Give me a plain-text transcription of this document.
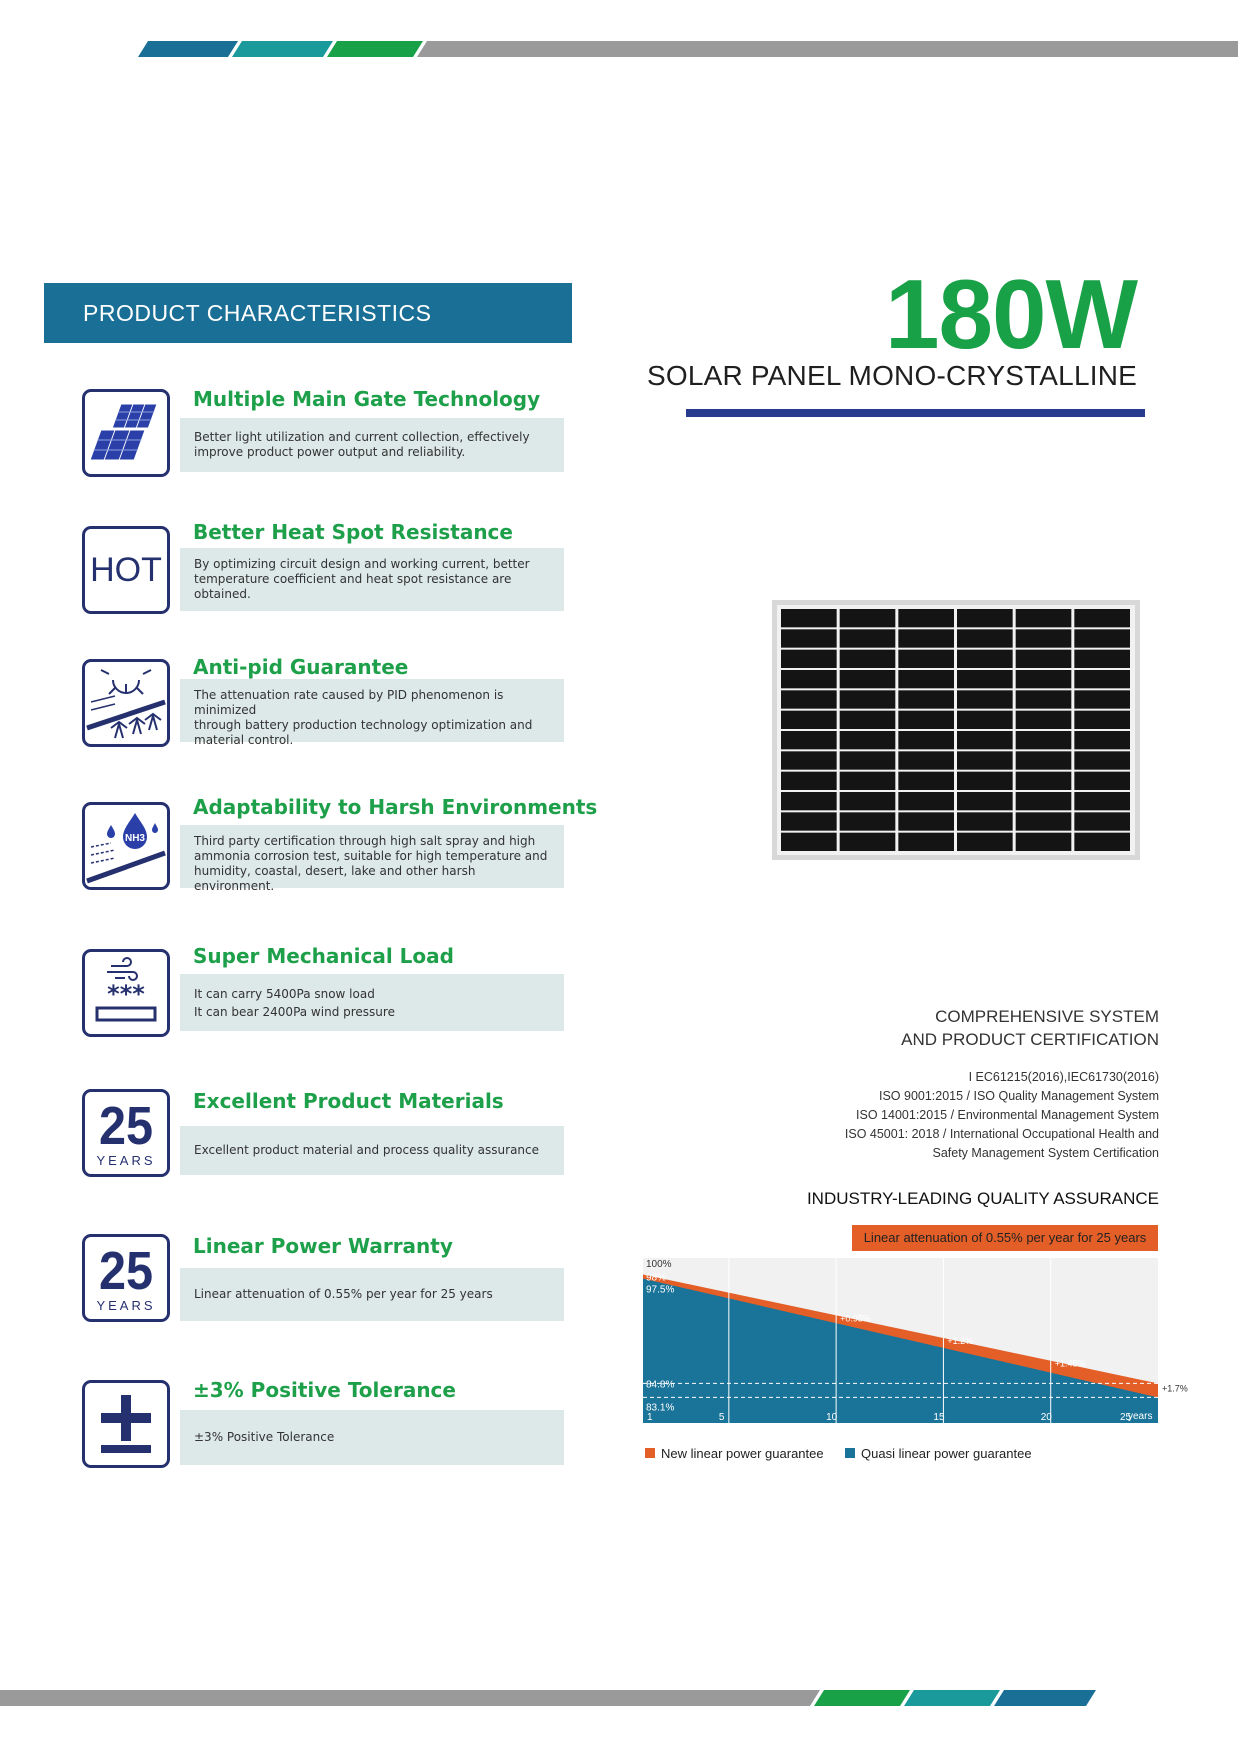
PRODUCT CHARACTERISTICS	180W
SOLAR PANEL MONO-CRYSTALLINE
Multiple Main Gate Technology
Better light utilization and current collection, effectively
improve product power output and reliability.
HOT
Better Heat Spot Resistance
By optimizing circuit design and working current, better
temperature coefficient and heat spot resistance are
obtained.
Anti-pid Guarantee
The attenuation rate caused by PID phenomenon is minimized
through battery production technology optimization and
material control.
NH3
Adaptability to Harsh Environments
Third party certification through high salt spray and high
ammonia corrosion test, suitable for high temperature and
humidity, coastal, desert, lake and other harsh environment.
***
Super Mechanical Load
It can carry 5400Pa snow load
It can bear 2400Pa wind pressure
25
YEARS
Excellent Product Materials
Excellent product material and process quality assurance
25
YEARS
Linear Power Warranty
Linear attenuation of 0.55% per year for 25 years
±3% Positive Tolerance
±3% Positive Tolerance
COMPREHENSIVE SYSTEM
AND PRODUCT CERTIFICATION
I EC61215(2016),IEC61730(2016)
ISO 9001:2015 / ISO Quality Management System
ISO 14001:2015 / Environmental Management System
ISO 45001: 2018 / International Occupational Health and
Safety Management System Certification
INDUSTRY-LEADING QUALITY ASSURANCE
Linear attenuation of 0.55% per year for 25 years
100%
98%
97.5%
84.8%
83.1%
1	5	10	15	20	25
years
+0.95%
+1.2%
+1.45%
+1.7%
New linear power guarantee	Quasi linear power guarantee
